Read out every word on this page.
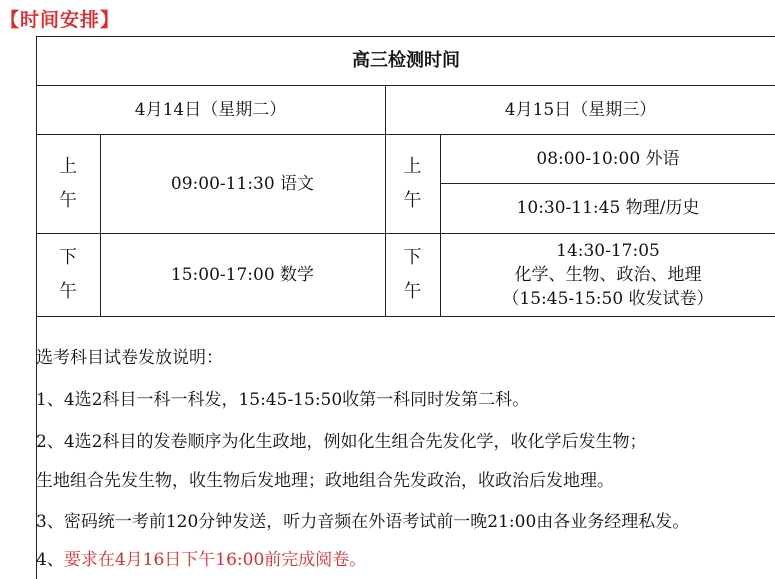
【时间安排】
高三检测时间
4月14日（星期二）	4月15日（星期三）
上
午
09:00-11:30 语文
下
午
15:00-17:00 数学
上
午
08:00-10:00 外语
10:30-11:45 物理/历史
下
午
14:30-17:05
化学、生物、政治、地理
（15:45-15:50 收发试卷）
选考科目试卷发放说明：
1、4选2科目一科一科发，15:45-15:50收第一科同时发第二科。
2、4选2科目的发卷顺序为化生政地，例如化生组合先发化学，收化学后发生物；
生地组合先发生物，收生物后发地理；政地组合先发政治，收政治后发地理。
3、密码统一考前120分钟发送，听力音频在外语考试前一晚21:00由各业务经理私发。
4、要求在4月16日下午16:00前完成阅卷。
